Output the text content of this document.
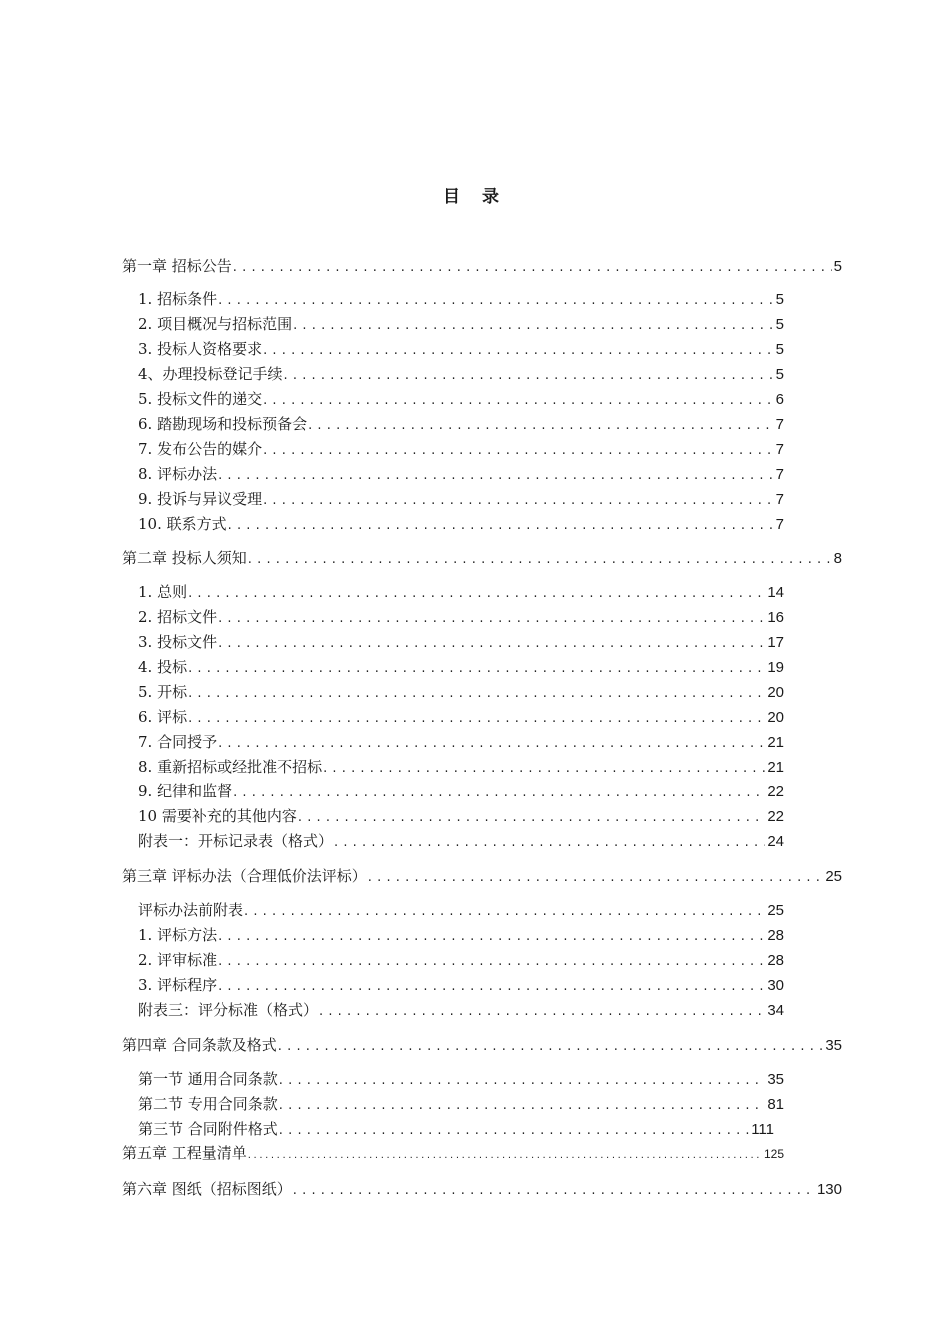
目 录
第一章 招标公告 .....	5
1. 招标条件 .....	5
2. 项目概况与招标范围 .....	5
3. 投标人资格要求 .....	5
4、办理投标登记手续 .....	5
5. 投标文件的递交 .....	6
6. 踏勘现场和投标预备会 .....	7
7. 发布公告的媒介 .....	7
8. 评标办法 .....	7
9. 投诉与异议受理 .....	7
10. 联系方式 .....	7
第二章 投标人须知 .....	8
1. 总则 .....	14
2. 招标文件 .....	16
3. 投标文件 .....	17
4. 投标 .....	19
5. 开标 .....	20
6. 评标 .....	20
7. 合同授予 .....	21
8. 重新招标或经批准不招标 .....	21
9. 纪律和监督 .....	22
10 需要补充的其他内容 .....	22
附表一：开标记录表（格式） .....	24
第三章 评标办法（合理低价法评标） .....	25
评标办法前附表 .....	25
1. 评标方法 .....	28
2. 评审标准 .....	28
3. 评标程序 .....	30
附表三：评分标准（格式） .....	34
第四章 合同条款及格式 .....	35
第一节 通用合同条款 .....	35
第二节 专用合同条款 .....	81
第三节 合同附件格式 .....	111
第五章 工程量清单 .....	125
第六章 图纸（招标图纸） .....	130
